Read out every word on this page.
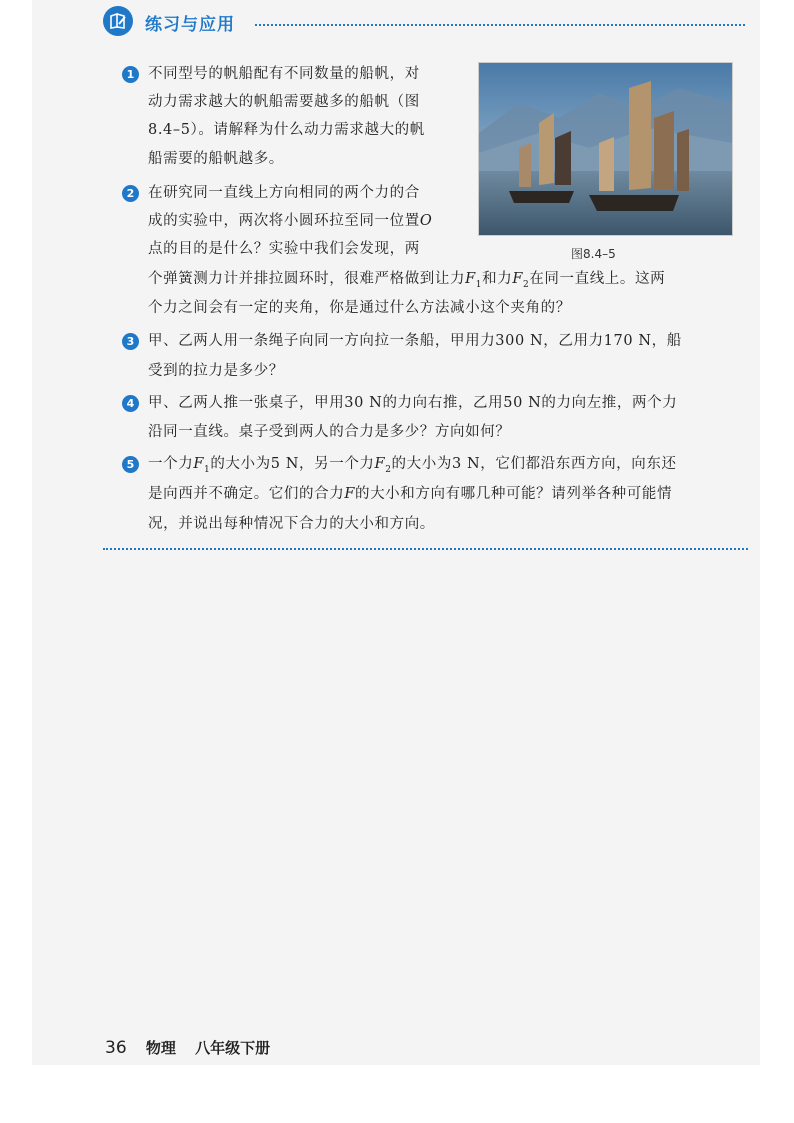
练习与应用
图8.4–5
1 不同型号的帆船配有不同数量的船帆，对
动力需求越大的帆船需要越多的船帆（图
8.4–5）。请解释为什么动力需求越大的帆
船需要的船帆越多。
2 在研究同一直线上方向相同的两个力的合
成的实验中，两次将小圆环拉至同一位置O
点的目的是什么？实验中我们会发现，两
个弹簧测力计并排拉圆环时，很难严格做到让力$F_1$和力$F_2$在同一直线上。这两
个力之间会有一定的夹角，你是通过什么方法减小这个夹角的？
3 甲、乙两人用一条绳子向同一方向拉一条船，甲用力300 N，乙用力170 N，船
受到的拉力是多少？
4 甲、乙两人推一张桌子，甲用30 N的力向右推，乙用50 N的力向左推，两个力
沿同一直线。桌子受到两人的合力是多少？方向如何？
5 一个力$F_1$的大小为5 N，另一个力$F_2$的大小为3 N，它们都沿东西方向，向东还
是向西并不确定。它们的合力F的大小和方向有哪几种可能？请列举各种可能情
况，并说出每种情况下合力的大小和方向。
36 物理 八年级下册
